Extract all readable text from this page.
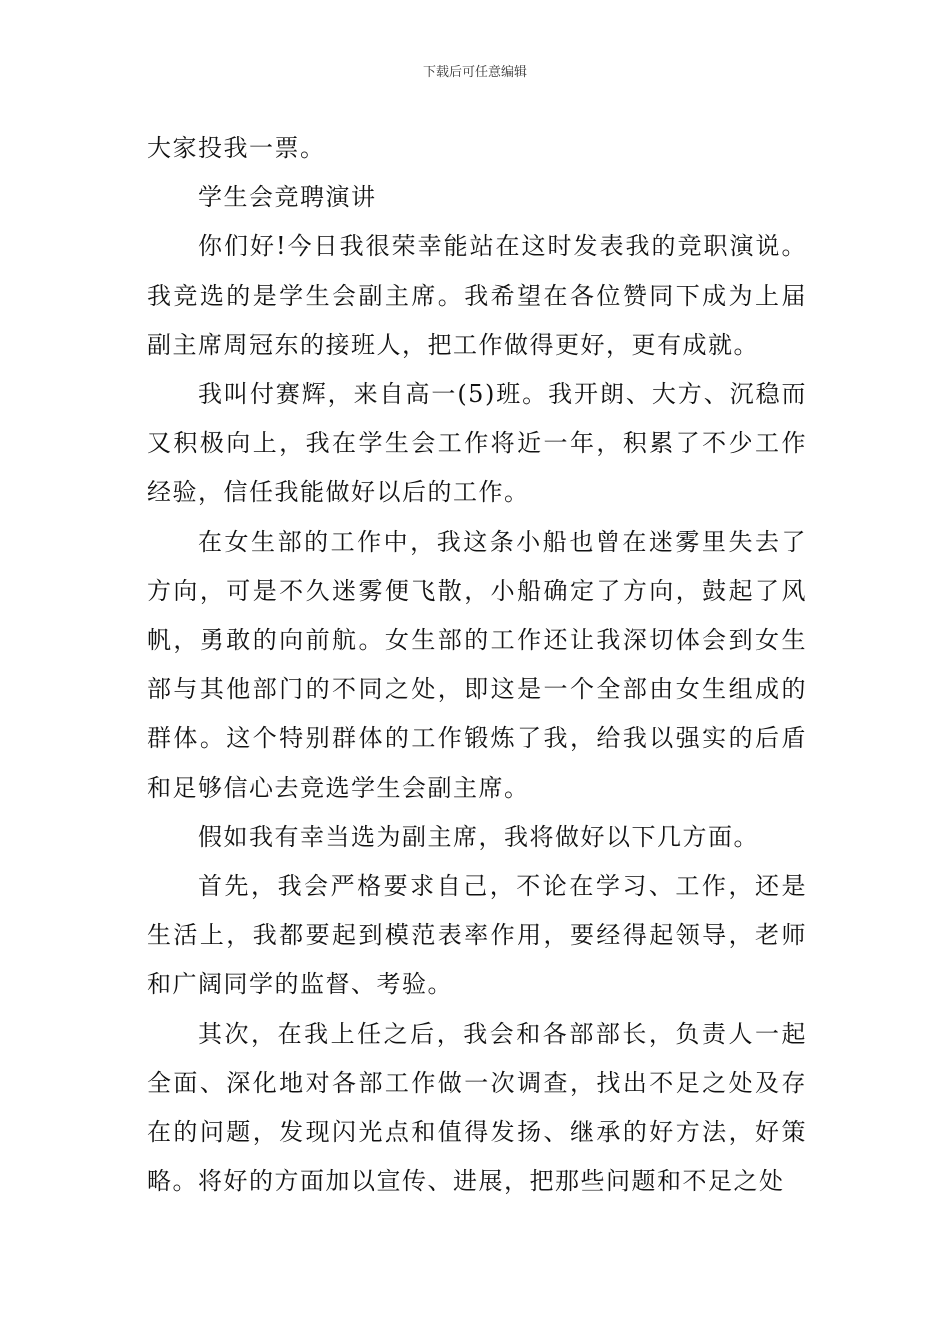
下载后可任意编辑

大家投我一票。

学生会竞聘演讲

你们好!今日我很荣幸能站在这时发表我的竞职演说。我竞选的是学生会副主席。我希望在各位赞同下成为上届副主席周冠东的接班人，把工作做得更好，更有成就。

我叫付赛辉，来自高一(5)班。我开朗、大方、沉稳而又积极向上，我在学生会工作将近一年，积累了不少工作经验，信任我能做好以后的工作。

在女生部的工作中，我这条小船也曾在迷雾里失去了方向，可是不久迷雾便飞散，小船确定了方向，鼓起了风帆，勇敢的向前航。女生部的工作还让我深切体会到女生部与其他部门的不同之处，即这是一个全部由女生组成的群体。这个特别群体的工作锻炼了我，给我以强实的后盾和足够信心去竞选学生会副主席。

假如我有幸当选为副主席，我将做好以下几方面。

首先，我会严格要求自己，不论在学习、工作，还是生活上，我都要起到模范表率作用，要经得起领导，老师和广阔同学的监督、考验。

其次，在我上任之后，我会和各部部长，负责人一起全面、深化地对各部工作做一次调查，找出不足之处及存在的问题，发现闪光点和值得发扬、继承的好方法，好策略。将好的方面加以宣传、进展，把那些问题和不足之处
